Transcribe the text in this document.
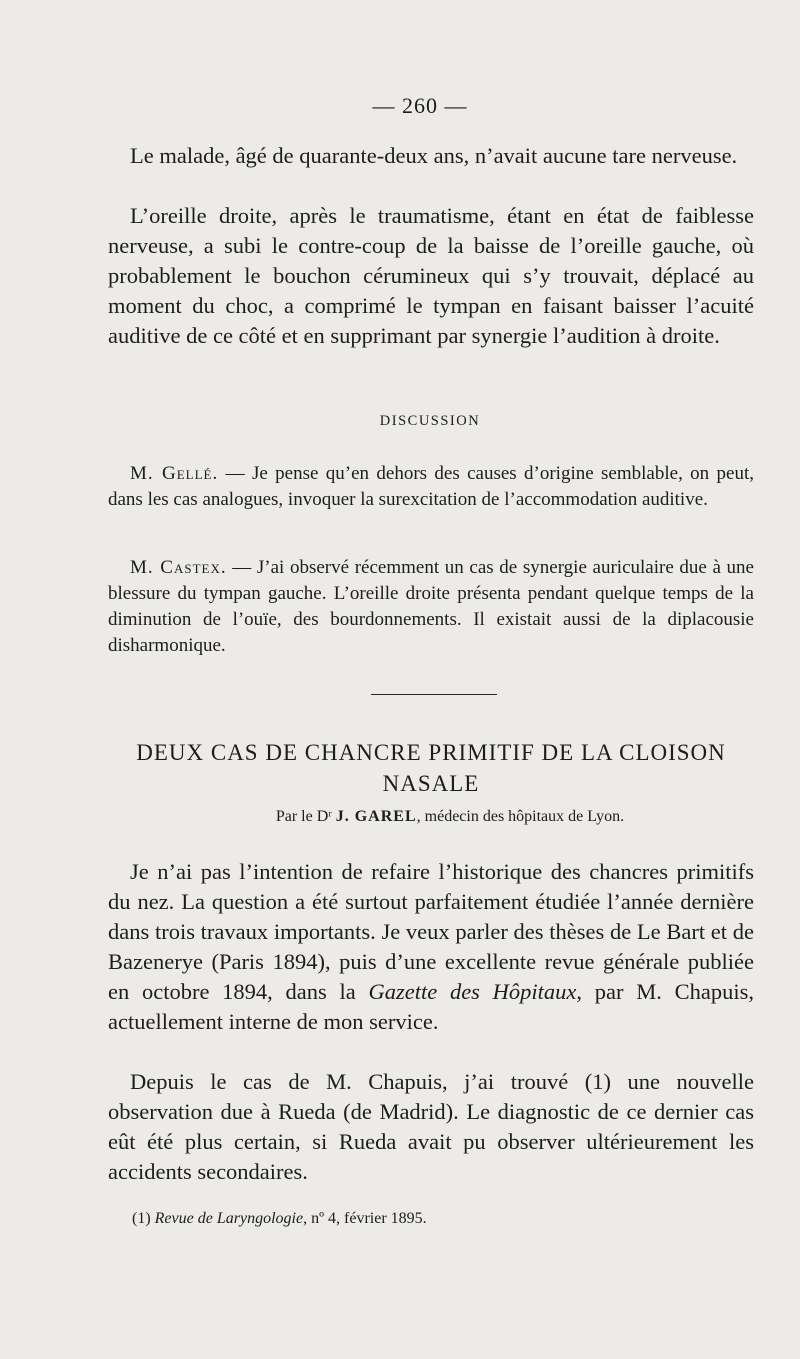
— 260 —

Le malade, âgé de quarante-deux ans, n’avait aucune tare nerveuse.

L’oreille droite, après le traumatisme, étant en état de faiblesse nerveuse, a subi le contre-coup de la baisse de l’oreille gauche, où probablement le bouchon cérumineux qui s’y trouvait, déplacé au moment du choc, a comprimé le tympan en faisant baisser l’acuité auditive de ce côté et en supprimant par synergie l’audition à droite.

DISCUSSION

M. Gellé. — Je pense qu’en dehors des causes d’origine semblable, on peut, dans les cas analogues, invoquer la surexcitation de l’accommodation auditive.

M. Castex. — J’ai observé récemment un cas de synergie auriculaire due à une blessure du tympan gauche. L’oreille droite présenta pendant quelque temps de la diminution de l’ouïe, des bourdonnements. Il existait aussi de la diplacousie disharmonique.

DEUX CAS DE CHANCRE PRIMITIF DE LA CLOISON
NASALE
Par le Dʳ J. GAREL, médecin des hôpitaux de Lyon.

Je n’ai pas l’intention de refaire l’historique des chancres primitifs du nez. La question a été surtout parfaitement étudiée l’année dernière dans trois travaux importants. Je veux parler des thèses de Le Bart et de Bazenerye (Paris 1894), puis d’une excellente revue générale publiée en octobre 1894, dans la Gazette des Hôpitaux, par M. Chapuis, actuellement interne de mon service.

Depuis le cas de M. Chapuis, j’ai trouvé (1) une nouvelle observation due à Rueda (de Madrid). Le diagnostic de ce dernier cas eût été plus certain, si Rueda avait pu observer ultérieurement les accidents secondaires.

(1) Revue de Laryngologie, nº 4, février 1895.
